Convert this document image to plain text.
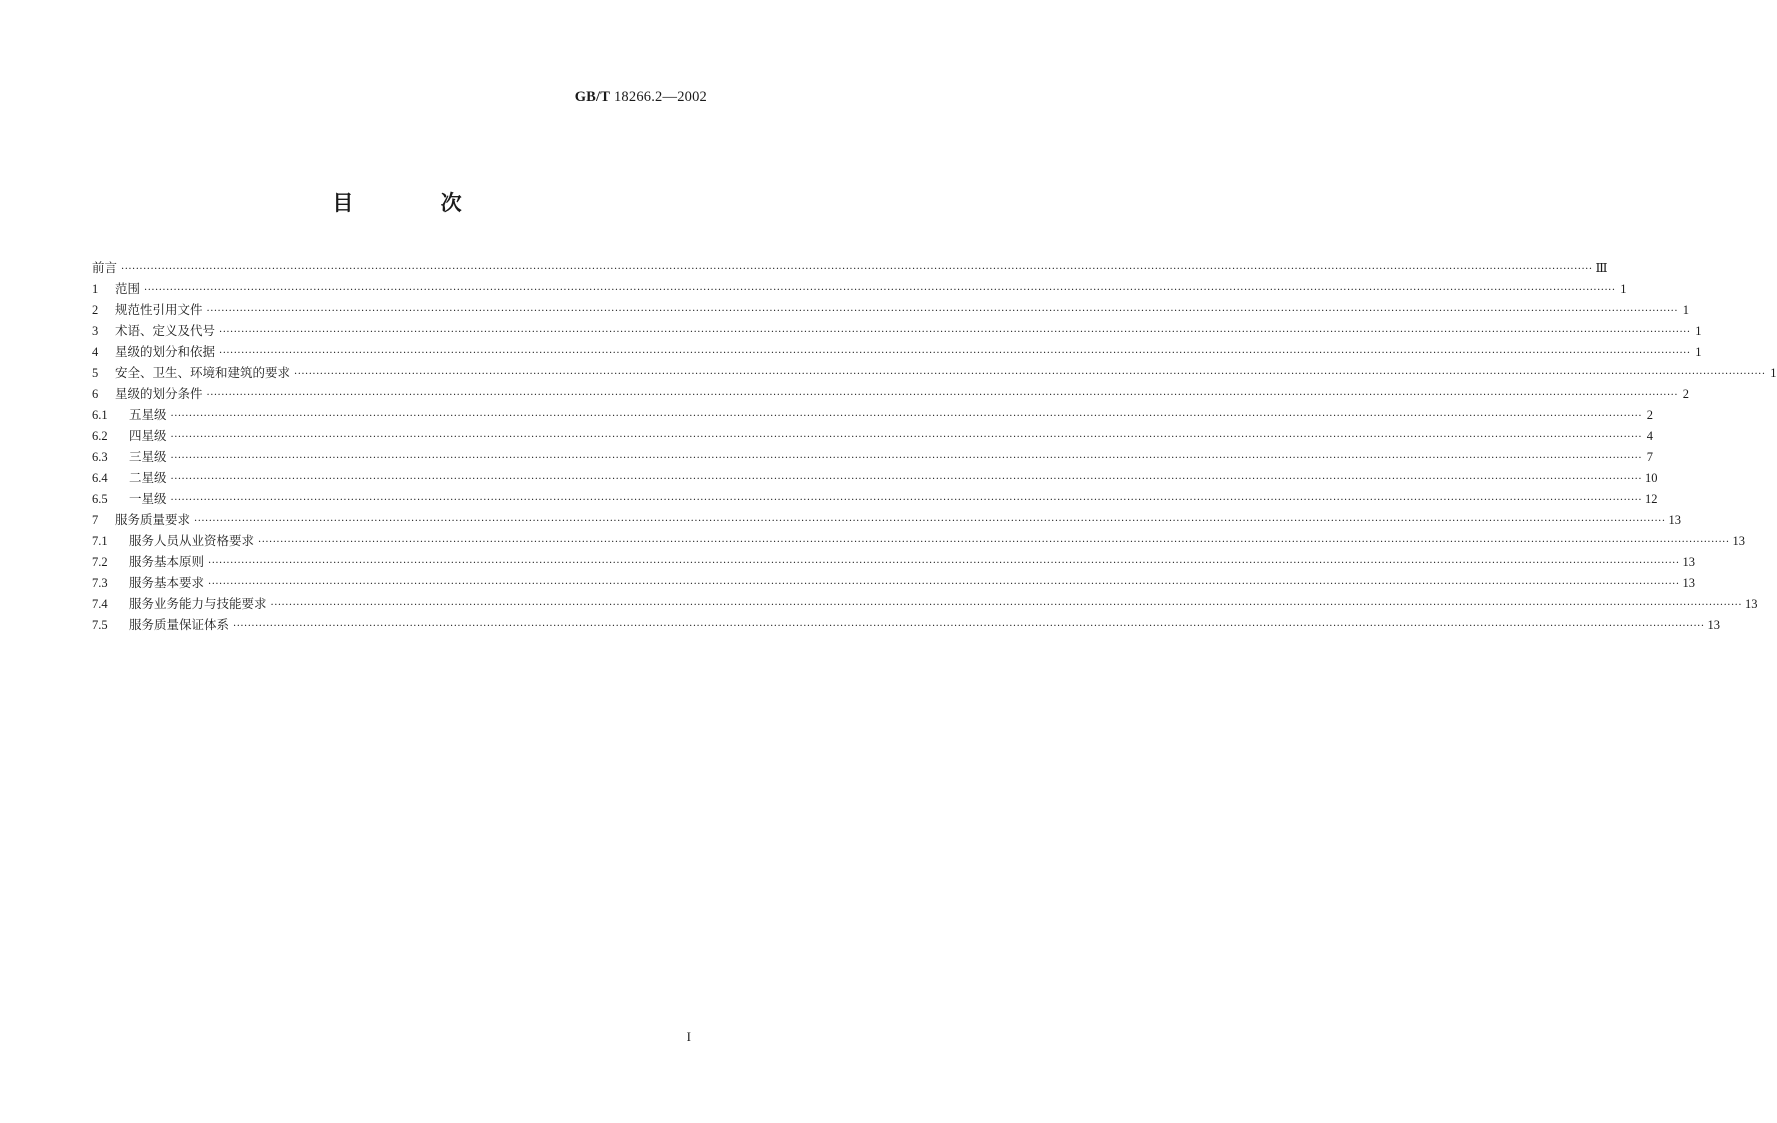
GB/T 18266.2—2002
目 次
前言 ················································································································································································································································································································································································································ Ⅲ
1	范围 ················································································································································································································································································································································································································ 1
2	规范性引用文件 ················································································································································································································································································································································································································ 1
3	术语、定义及代号 ················································································································································································································································································································································································································ 1
4	星级的划分和依据 ················································································································································································································································································································································································································ 1
5	安全、卫生、环境和建筑的要求 ················································································································································································································································································································································································································ 1
6	星级的划分条件 ················································································································································································································································································································································································································ 2
6.1	五星级 ················································································································································································································································································································································································································ 2
6.2	四星级 ················································································································································································································································································································································································································ 4
6.3	三星级 ················································································································································································································································································································································································································ 7
6.4	二星级 ················································································································································································································································································································································································································ 10
6.5	一星级 ················································································································································································································································································································································································································ 12
7	服务质量要求 ················································································································································································································································································································································································································ 13
7.1	服务人员从业资格要求 ················································································································································································································································································································································································································ 13
7.2	服务基本原则 ················································································································································································································································································································································································································ 13
7.3	服务基本要求 ················································································································································································································································································································································································································ 13
7.4	服务业务能力与技能要求 ················································································································································································································································································································································································································ 13
7.5	服务质量保证体系 ················································································································································································································································································································································································································ 13
I
